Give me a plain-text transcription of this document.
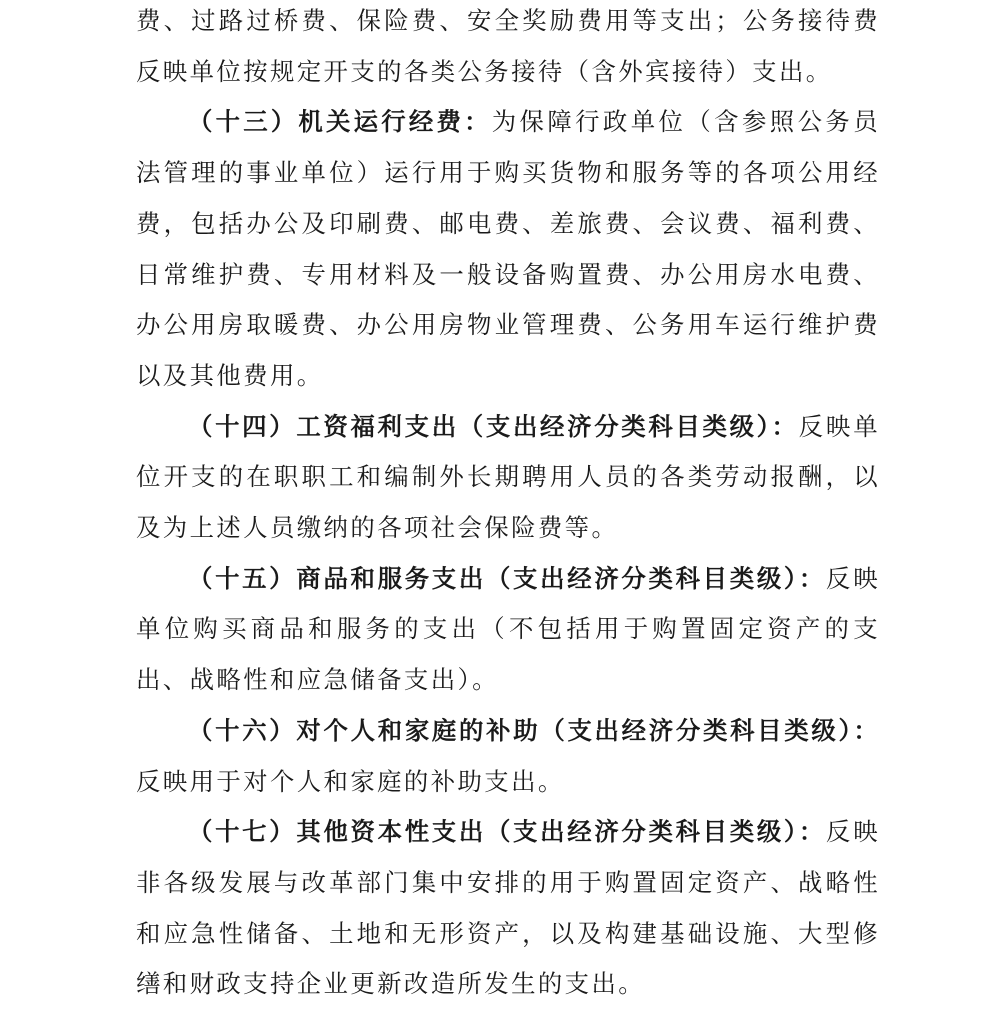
费、过路过桥费、保险费、安全奖励费用等支出；公务接待费反映单位按规定开支的各类公务接待（含外宾接待）支出。

（十三）机关运行经费：为保障行政单位（含参照公务员法管理的事业单位）运行用于购买货物和服务等的各项公用经费，包括办公及印刷费、邮电费、差旅费、会议费、福利费、日常维护费、专用材料及一般设备购置费、办公用房水电费、办公用房取暖费、办公用房物业管理费、公务用车运行维护费以及其他费用。

（十四）工资福利支出（支出经济分类科目类级）：反映单位开支的在职职工和编制外长期聘用人员的各类劳动报酬，以及为上述人员缴纳的各项社会保险费等。

（十五）商品和服务支出（支出经济分类科目类级）：反映单位购买商品和服务的支出（不包括用于购置固定资产的支出、战略性和应急储备支出）。

（十六）对个人和家庭的补助（支出经济分类科目类级）：反映用于对个人和家庭的补助支出。

（十七）其他资本性支出（支出经济分类科目类级）：反映非各级发展与改革部门集中安排的用于购置固定资产、战略性和应急性储备、土地和无形资产，以及构建基础设施、大型修缮和财政支持企业更新改造所发生的支出。
